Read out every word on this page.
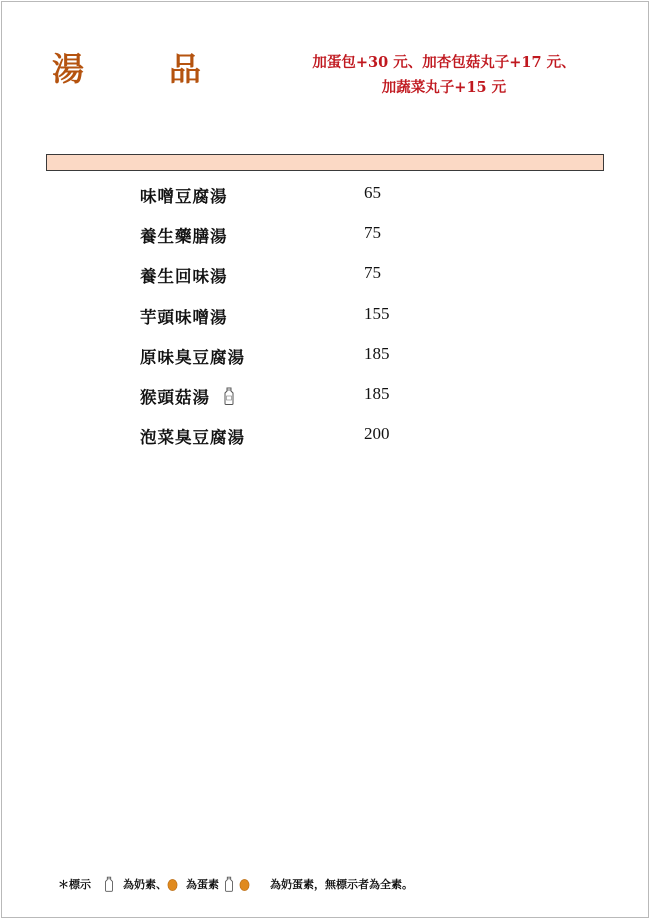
湯	品	加蛋包+30 元、加杏包菇丸子+17 元、
加蔬菜丸子+15 元
味噌豆腐湯	65
養生藥膳湯	75
養生回味湯	75
芋頭味噌湯	155
原味臭豆腐湯	185
猴頭菇湯	185
泡菜臭豆腐湯	200
＊標示	為奶素、 為蛋素	為奶蛋素，無標示者為全素。
